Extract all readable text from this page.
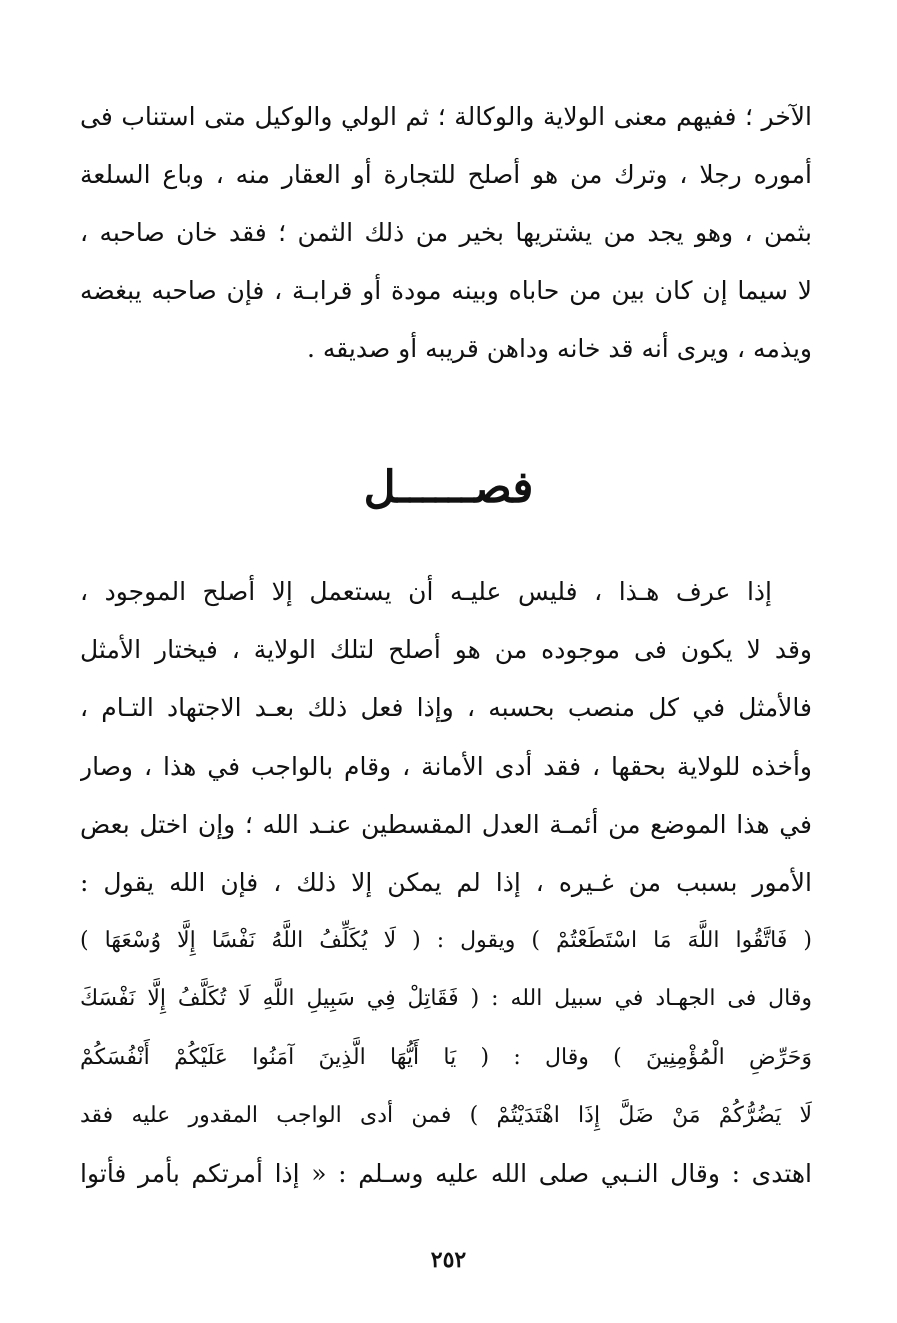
الآخر ؛ ففيهم معنى الولاية والوكالة ؛ ثم الولي والوكيل متى استناب فى
أموره رجلا ، وترك من هو أصلح للتجارة أو العقار منه ، وباع السلعة
بثمن ، وهو يجد من يشتريها بخير من ذلك الثمن ؛ فقد خان صاحبه ،
لا سيما إن كان بين من حاباه وبينه مودة أو قرابـة ، فإن صاحبه يبغضه
ويذمه ، ويرى أنه قد خانه وداهن قريبه أو صديقه .
فصــــــل
إذا عرف هـذا ، فليس عليـه أن يستعمل إلا أصلح الموجود ،
وقد لا يكون فى موجوده من هو أصلح لتلك الولاية ، فيختار الأمثل
فالأمثل في كل منصب بحسبه ، وإذا فعل ذلك بعـد الاجتهاد التـام ،
وأخذه للولاية بحقها ، فقد أدى الأمانة ، وقام بالواجب في هذا ، وصار
في هذا الموضع من أئمـة العدل المقسطين عنـد الله ؛ وإن اختل بعض
الأمور بسبب من غـيره ، إذا لم يمكن إلا ذلك ، فإن الله يقول :
( فَاتَّقُوا اللَّهَ مَا اسْتَطَعْتُمْ ) ويقول : ( لَا يُكَلِّفُ اللَّهُ نَفْسًا إِلَّا وُسْعَهَا )
وقال فى الجهـاد في سبيل الله : ( فَقَاتِلْ فِي سَبِيلِ اللَّهِ لَا تُكَلَّفُ إِلَّا نَفْسَكَ
وَحَرِّضِ الْمُؤْمِنِينَ ) وقال : ( يَا أَيُّهَا الَّذِينَ آمَنُوا عَلَيْكُمْ أَنْفُسَكُمْ
لَا يَضُرُّكُمْ مَنْ ضَلَّ إِذَا اهْتَدَيْتُمْ ) فمن أدى الواجب المقدور عليه فقد
اهتدى : وقال النـبي صلى الله عليه وسـلم : « إذا أمرتكم بأمر فأتوا
٢٥٢
